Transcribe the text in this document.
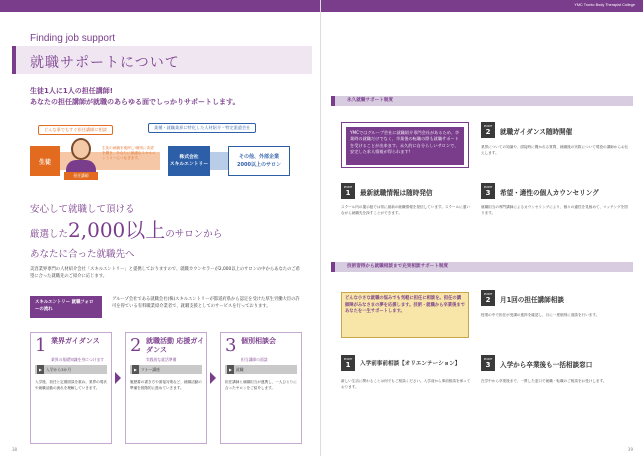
Finding job support
就職サポートについて
生徒1人に1人の担任講師!
あなたの担任講師が就職のあらゆる面でしっかりサポートします。
どんな事でもすぐ担任講師に相談	業種・就職業界に特化した人材紹介・特定派遣会社
生徒
担任講師
生徒の就職を後押し!個別に希望を聞き、あなたに最適なスキルエントリーにつなぎます。	株式会社
スキルエントリー
その他、外部企業
2000以上のサロン
安心して就職して頂ける
厳選した2,000以上のサロンから
あなたに合った就職先へ
美容業界専門の人材紹介会社「スキルエントリー」と提携しておりますので、就職カウンセラーが2,000以上のサロンの中からあなたのご希望に合った就職先のご紹介に応じます。
スキルエントリー 就職フォローの流れ
グループ会社である就職会社(株)スキルエントリーが都道府県から認定を受けた厚生労働大臣の許可を得ている有料職業紹介業者で、就職支援としてのサービスを行っております。
1 業界ガイダンス
業界の基礎知識を身につけます
▶ 入学から3か月
入学後、担任と定期面談を重ね、業界の現状や就職活動の流れを理解していきます。
2 就職活動 応援ガイダンス
実践的な就活準備
▶ マナー講座
履歴書の書き方や面接対策など、就職活動の準備を段階的に進めていきます。
3 個別相談会
担当講師の面談
▶ 就職
担任講師と就職担当が連携し、一人ひとりに合ったサロンをご紹介します。
38
YMC Tronto Body Therapist College
永久就職サポート制度
YMCではグループ会社に就職紹介専門会社があるため、卒業時の就職だけでなく、卒業後の転職の際も就職サポートを受けることが出来ます。永久的に自分らしいサロンで、安定した求人情報が得られます!
POINT
2	就職ガイダンス随時開催
業界についての知識や、面接時に聞かれる質問、就職後の実際について現役の講師からお伝えします。
POINT
1	最新就職情報は随時発信
スクール内の掲示板では常に最新の就職情報を発信しています。スクールに通いながら就職先を探すことができます。
POINT
3	希望・適性の個人カウンセリング
就職担当の専門講師によるカウンセリングにより、個々の適性を見極めて、マッチングを図ります。
技術習得から就職相談まで充実相談サポート制度
どんな小さな就職の悩みでも気軽に担任に相談を。担任の講師陣がみなさまの夢を応援します。技術・就職から卒業後まであなたを一生サポートします。
POINT
2	月1回の担任講師相談
授業の中で担任が受講の進捗を確認し、月に一度個別に面談を行います。
POINT
1	入学前事前相談【オリエンテーション】
新しい生活に関わることは何でもご相談ください。入学前から事前相談を承っております。
POINT
3	入学から卒業後も一括相談窓口
在学中から卒業後まで、一貫した窓口で就職・転職のご相談をお受けします。
39
